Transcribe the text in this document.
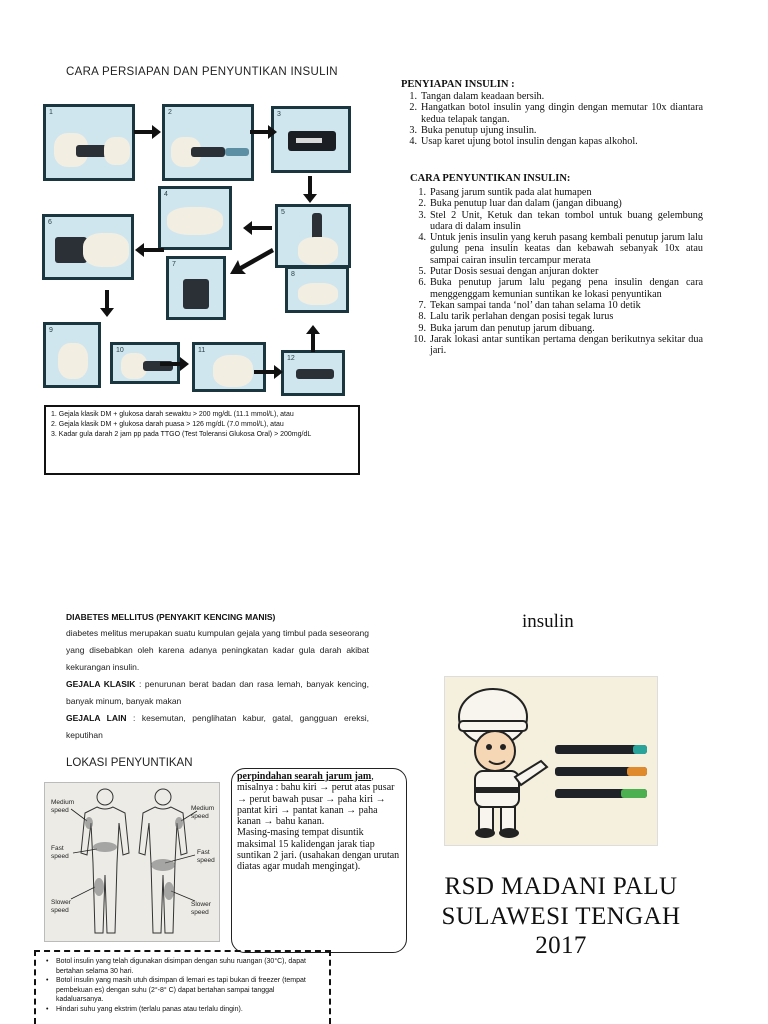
CARA PERSIAPAN DAN PENYUNTIKAN INSULIN
1	2	3
4
5
6
7
8
9
10	11
12
1. Gejala klasik DM + glukosa darah sewaktu > 200 mg/dL (11.1 mmol/L), atau
2. Gejala klasik DM + glukosa darah puasa > 126 mg/dL (7.0 mmol/L), atau
3. Kadar gula darah 2 jam pp pada TTGO (Test Toleransi Glukosa Oral) > 200mg/dL
PENYIAPAN INSULIN :
1. Tangan dalam keadaan bersih.
2. Hangatkan botol insulin yang dingin dengan memutar 10x diantara kedua telapak tangan.
3. Buka penutup ujung insulin.
4. Usap karet ujung botol insulin dengan kapas alkohol.
CARA PENYUNTIKAN INSULIN:
1. Pasang jarum suntik pada alat humapen
2. Buka penutup luar dan dalam (jangan dibuang)
3. Stel 2 Unit, Ketuk dan tekan tombol untuk buang gelembung udara di dalam insulin
4. Untuk jenis insulin yang keruh pasang kembali penutup jarum lalu gulung pena insulin keatas dan kebawah sebanyak 10x atau sampai cairan insulin tercampur merata
5. Putar Dosis sesuai dengan anjuran dokter
6. Buka penutup jarum lalu pegang pena insulin dengan cara menggenggam kemunian suntikan ke lokasi penyuntikan
7. Tekan sampai tanda ‘nol’ dan tahan selama 10 detik
8. Lalu tarik perlahan dengan posisi tegak lurus
9. Buka jarum dan penutup jarum dibuang.
10. Jarak lokasi antar suntikan pertama dengan berikutnya sekitar dua jari.
DIABETES MELLITUS (PENYAKIT KENCING MANIS)
diabetes melitus merupakan suatu kumpulan gejala yang timbul pada seseorang yang disebabkan oleh karena adanya peningkatan kadar gula darah akibat kekurangan insulin.
GEJALA KLASIK : penurunan berat badan dan rasa lemah, banyak kencing, banyak minum, banyak makan
GEJALA LAIN : kesemutan, penglihatan kabur, gatal, gangguan ereksi, keputihan
LOKASI PENYUNTIKAN
Medium
speed	Medium
speed
Fast
speed
Fast
speed
Slower
speed
Slower
speed
perpindahan searah jarum jam, misalnya : bahu kiri → perut atas pusar → perut bawah pusar → paha kiri → pantat kiri → pantat kanan → paha kanan → bahu kanan.
Masing-masing tempat disuntik maksimal 15 kalidengan jarak tiap suntikan 2 jari. (usahakan dengan urutan diatas agar mudah mengingat).
• Botol insulin yang telah digunakan disimpan dengan suhu ruangan (30°C), dapat bertahan selama 30 hari.
• Botol insulin yang masih utuh disimpan di lemari es tapi bukan di freezer (tempat pembekuan es) dengan suhu (2°-8° C) dapat bertahan sampai tanggal kadaluarsanya.
• Hindari suhu yang ekstrim (terlalu panas atau terlalu dingin).
insulin
RSD MADANI PALU
SULAWESI TENGAH
2017
